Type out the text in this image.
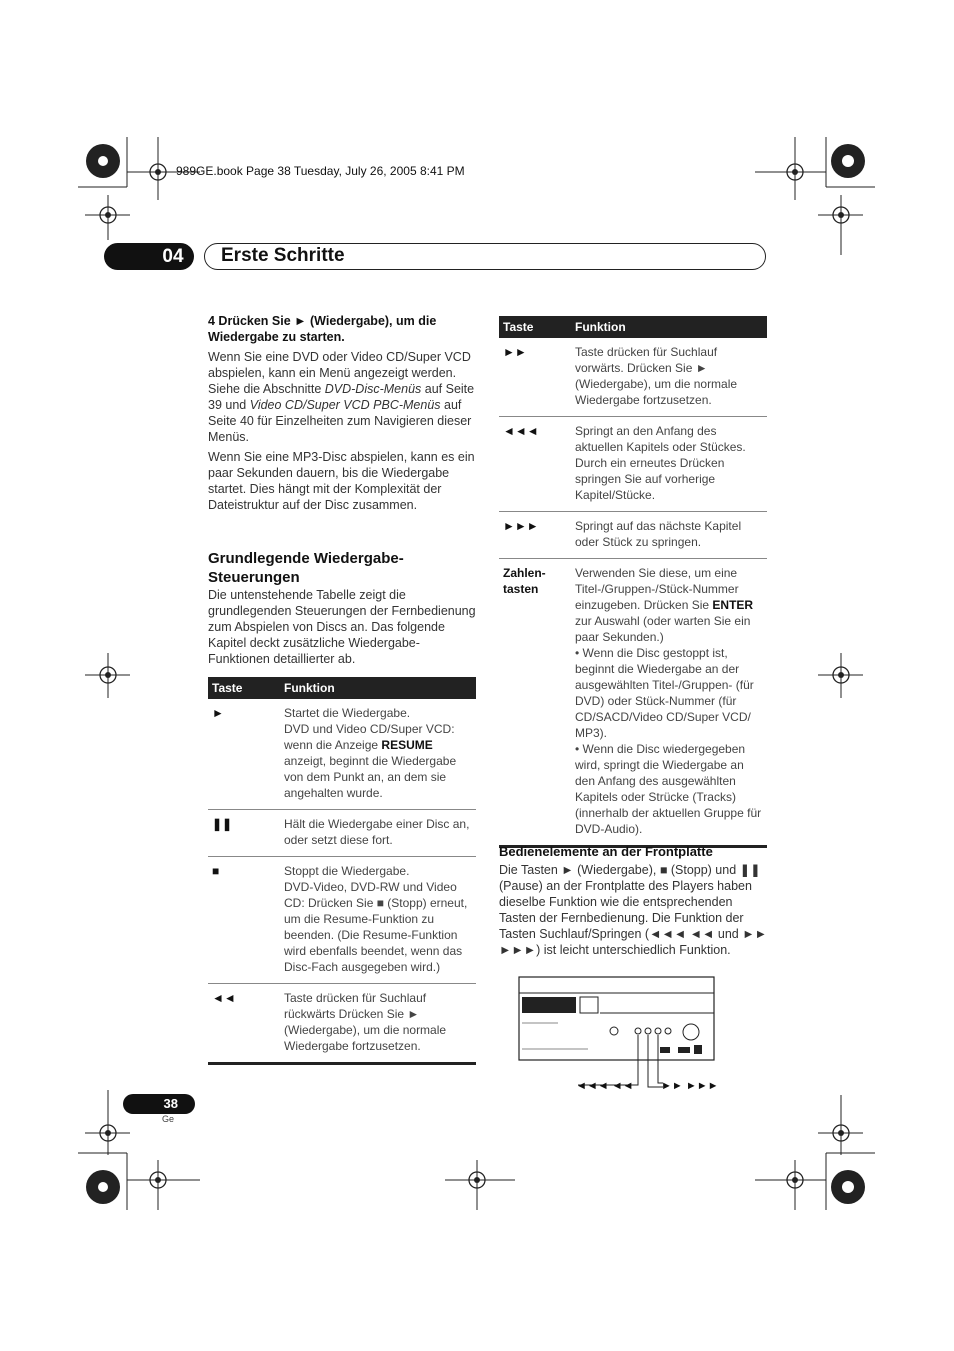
989GE.book Page 38 Tuesday, July 26, 2005 8:41 PM
04	Erste Schritte

4 Drücken Sie ► (Wiedergabe), um die Wiedergabe zu starten.

Wenn Sie eine DVD oder Video CD/Super VCD abspielen, kann ein Menü angezeigt werden. Siehe die Abschnitte DVD-Disc-Menüs auf Seite 39 und Video CD/Super VCD PBC-Menüs auf Seite 40 für Einzelheiten zum Navigieren dieser Menüs.

Wenn Sie eine MP3-Disc abspielen, kann es ein paar Sekunden dauern, bis die Wiedergabe startet. Dies hängt mit der Komplexität der Dateistruktur auf der Disc zusammen.

Grundlegende Wiedergabe-Steuerungen
Die untenstehende Tabelle zeigt die grundlegenden Steuerungen der Fernbedienung zum Abspielen von Discs an. Das folgende Kapitel deckt zusätzliche Wiedergabe-Funktionen detaillierter ab.
Taste	Funktion
►	Startet die Wiedergabe.
DVD und Video CD/Super VCD: wenn die Anzeige RESUME anzeigt, beginnt die Wiedergabe von dem Punkt an, an dem sie angehalten wurde.
❚❚	Hält die Wiedergabe einer Disc an, oder setzt diese fort.
■	Stoppt die Wiedergabe.
DVD-Video, DVD-RW und Video CD: Drücken Sie ■ (Stopp) erneut, um die Resume-Funktion zu beenden. (Die Resume-Funktion wird ebenfalls beendet, wenn das Disc-Fach ausgegeben wird.)
◄◄	Taste drücken für Suchlauf rückwärts Drücken Sie ► (Wiedergabe), um die normale Wiedergabe fortzusetzen.
Taste	Funktion
►►	Taste drücken für Suchlauf vorwärts. Drücken Sie ► (Wiedergabe), um die normale Wiedergabe fortzusetzen.
◄◄◄	Springt an den Anfang des aktuellen Kapitels oder Stückes. Durch ein erneutes Drücken springen Sie auf vorherige Kapitel/Stücke.
►►►	Springt auf das nächste Kapitel oder Stück zu springen.
Zahlen-
tasten	Verwenden Sie diese, um eine Titel-/Gruppen-/Stück-Nummer einzugeben. Drücken Sie ENTER zur Auswahl (oder warten Sie ein paar Sekunden.)
• Wenn die Disc gestoppt ist, beginnt die Wiedergabe an der ausgewählten Titel-/Gruppen- (für DVD) oder Stück-Nummer (für CD/SACD/Video CD/Super VCD/ MP3).
• Wenn die Disc wiedergegeben wird, springt die Wiedergabe an den Anfang des ausgewählten Kapitels oder Strücke (Tracks) (innerhalb der aktuellen Gruppe für DVD-Audio).
Bedienelemente an der Frontplatte
Die Tasten ► (Wiedergabe), ■ (Stopp) und ❚❚ (Pause) an der Frontplatte des Players haben dieselbe Funktion wie die entsprechenden Tasten der Fernbedienung. Die Funktion der Tasten Suchlauf/Springen (◄◄◄ ◄◄ und ►► ►►►) ist leicht unterschiedlich Funktion.
◄◄◄ ◄◄	►► ►►►
38
Ge
